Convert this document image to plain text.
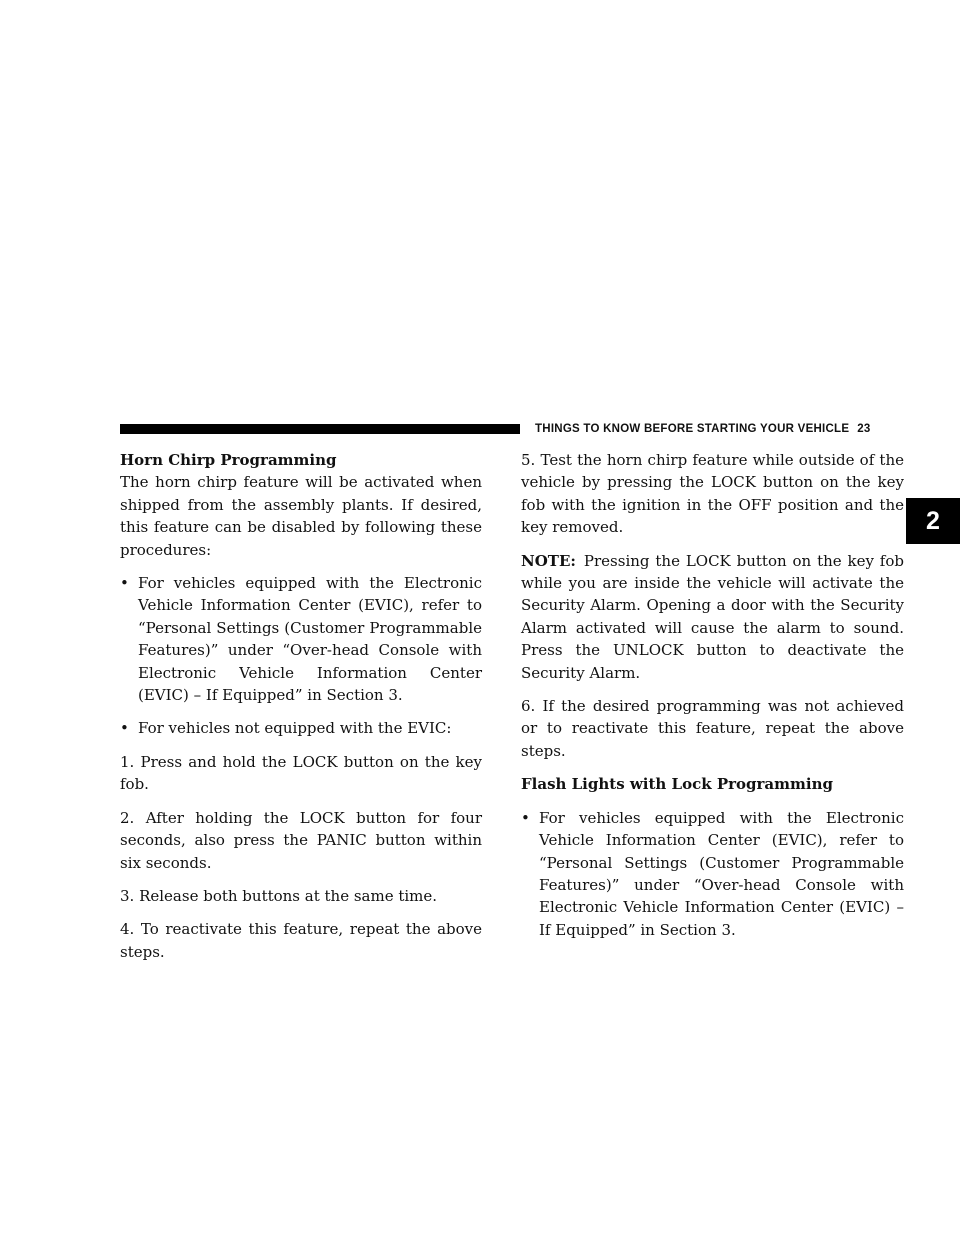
THINGS TO KNOW BEFORE STARTING YOUR VEHICLE 23
2

Horn Chirp Programming

The horn chirp feature will be activated when shipped from the assembly plants. If desired, this feature can be disabled by following these procedures:

• For vehicles equipped with the Electronic Vehicle Information Center (EVIC), refer to “Personal Settings (Customer Programmable Features)” under “Over-head Console with Electronic Vehicle Information Center (EVIC) – If Equipped” in Section 3.

• For vehicles not equipped with the EVIC:

1. Press and hold the LOCK button on the key fob.

2. After holding the LOCK button for four seconds, also press the PANIC button within six seconds.

3. Release both buttons at the same time.

4. To reactivate this feature, repeat the above steps.

5. Test the horn chirp feature while outside of the vehicle by pressing the LOCK button on the key fob with the ignition in the OFF position and the key removed.

NOTE: Pressing the LOCK button on the key fob while you are inside the vehicle will activate the Security Alarm. Opening a door with the Security Alarm activated will cause the alarm to sound. Press the UNLOCK button to deactivate the Security Alarm.

6. If the desired programming was not achieved or to reactivate this feature, repeat the above steps.

Flash Lights with Lock Programming

• For vehicles equipped with the Electronic Vehicle Information Center (EVIC), refer to “Personal Settings (Customer Programmable Features)” under “Over-head Console with Electronic Vehicle Information Center (EVIC) – If Equipped” in Section 3.
